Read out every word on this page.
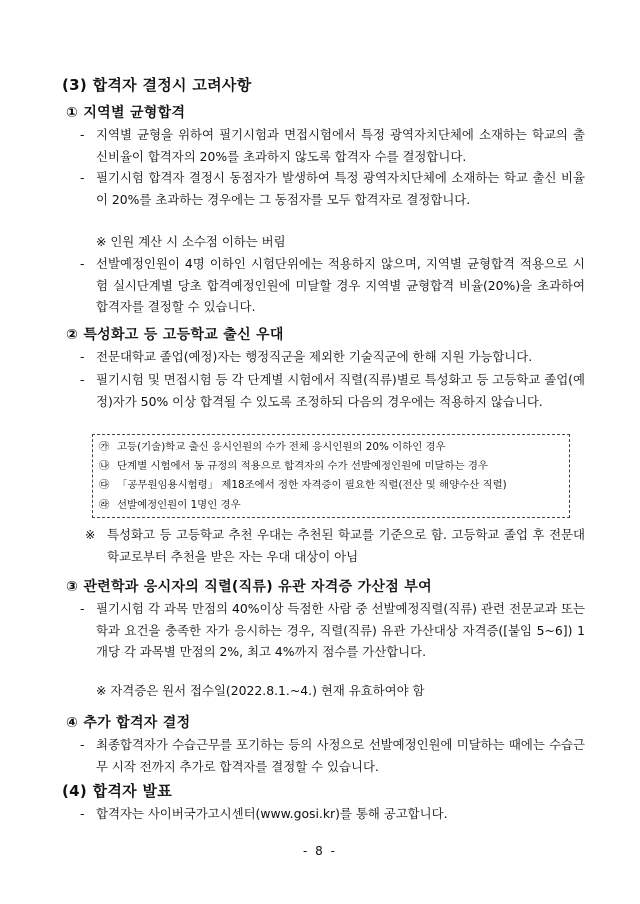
(3) 합격자 결정시 고려사항
① 지역별 균형합격
- 지역별 균형을 위하여 필기시험과 면접시험에서 특정 광역자치단체에 소재하는 학교의 출신비율이 합격자의 20%를 초과하지 않도록 합격자 수를 결정합니다.
- 필기시험 합격자 결정시 동점자가 발생하여 특정 광역자치단체에 소재하는 학교 출신 비율이 20%를 초과하는 경우에는 그 동점자를 모두 합격자로 결정합니다.
※ 인원 계산 시 소수점 이하는 버림
- 선발예정인원이 4명 이하인 시험단위에는 적용하지 않으며, 지역별 균형합격 적용으로 시험 실시단계별 당초 합격예정인원에 미달할 경우 지역별 균형합격 비율(20%)을 초과하여 합격자를 결정할 수 있습니다.
② 특성화고 등 고등학교 출신 우대
- 전문대학교 졸업(예정)자는 행정직군을 제외한 기술직군에 한해 지원 가능합니다.
- 필기시험 및 면접시험 등 각 단계별 시험에서 직렬(직류)별로 특성화고 등 고등학교 졸업(예정)자가 50% 이상 합격될 수 있도록 조정하되 다음의 경우에는 적용하지 않습니다.
㉮ 고등(기술)학교 출신 응시인원의 수가 전체 응시인원의 20% 이하인 경우
㉯ 단계별 시험에서 동 규정의 적용으로 합격자의 수가 선발예정인원에 미달하는 경우
㉰ 「공무원임용시험령」 제18조에서 정한 자격증이 필요한 직렬(전산 및 해양수산 직렬)
㉱ 선발예정인원이 1명인 경우
※ 특성화고 등 고등학교 추천 우대는 추천된 학교를 기준으로 함. 고등학교 졸업 후 전문대학교로부터 추천을 받은 자는 우대 대상이 아님
③ 관련학과 응시자의 직렬(직류) 유관 자격증 가산점 부여
- 필기시험 각 과목 만점의 40%이상 득점한 사람 중 선발예정직렬(직류) 관련 전문교과 또는 학과 요건을 충족한 자가 응시하는 경우, 직렬(직류) 유관 가산대상 자격증([붙임 5~6]) 1개당 각 과목별 만점의 2%, 최고 4%까지 점수를 가산합니다.
※ 자격증은 원서 접수일(2022.8.1.~4.) 현재 유효하여야 함
④ 추가 합격자 결정
- 최종합격자가 수습근무를 포기하는 등의 사정으로 선발예정인원에 미달하는 때에는 수습근무 시작 전까지 추가로 합격자를 결정할 수 있습니다.
(4) 합격자 발표
- 합격자는 사이버국가고시센터(www.gosi.kr)를 통해 공고합니다.
- 8 -
